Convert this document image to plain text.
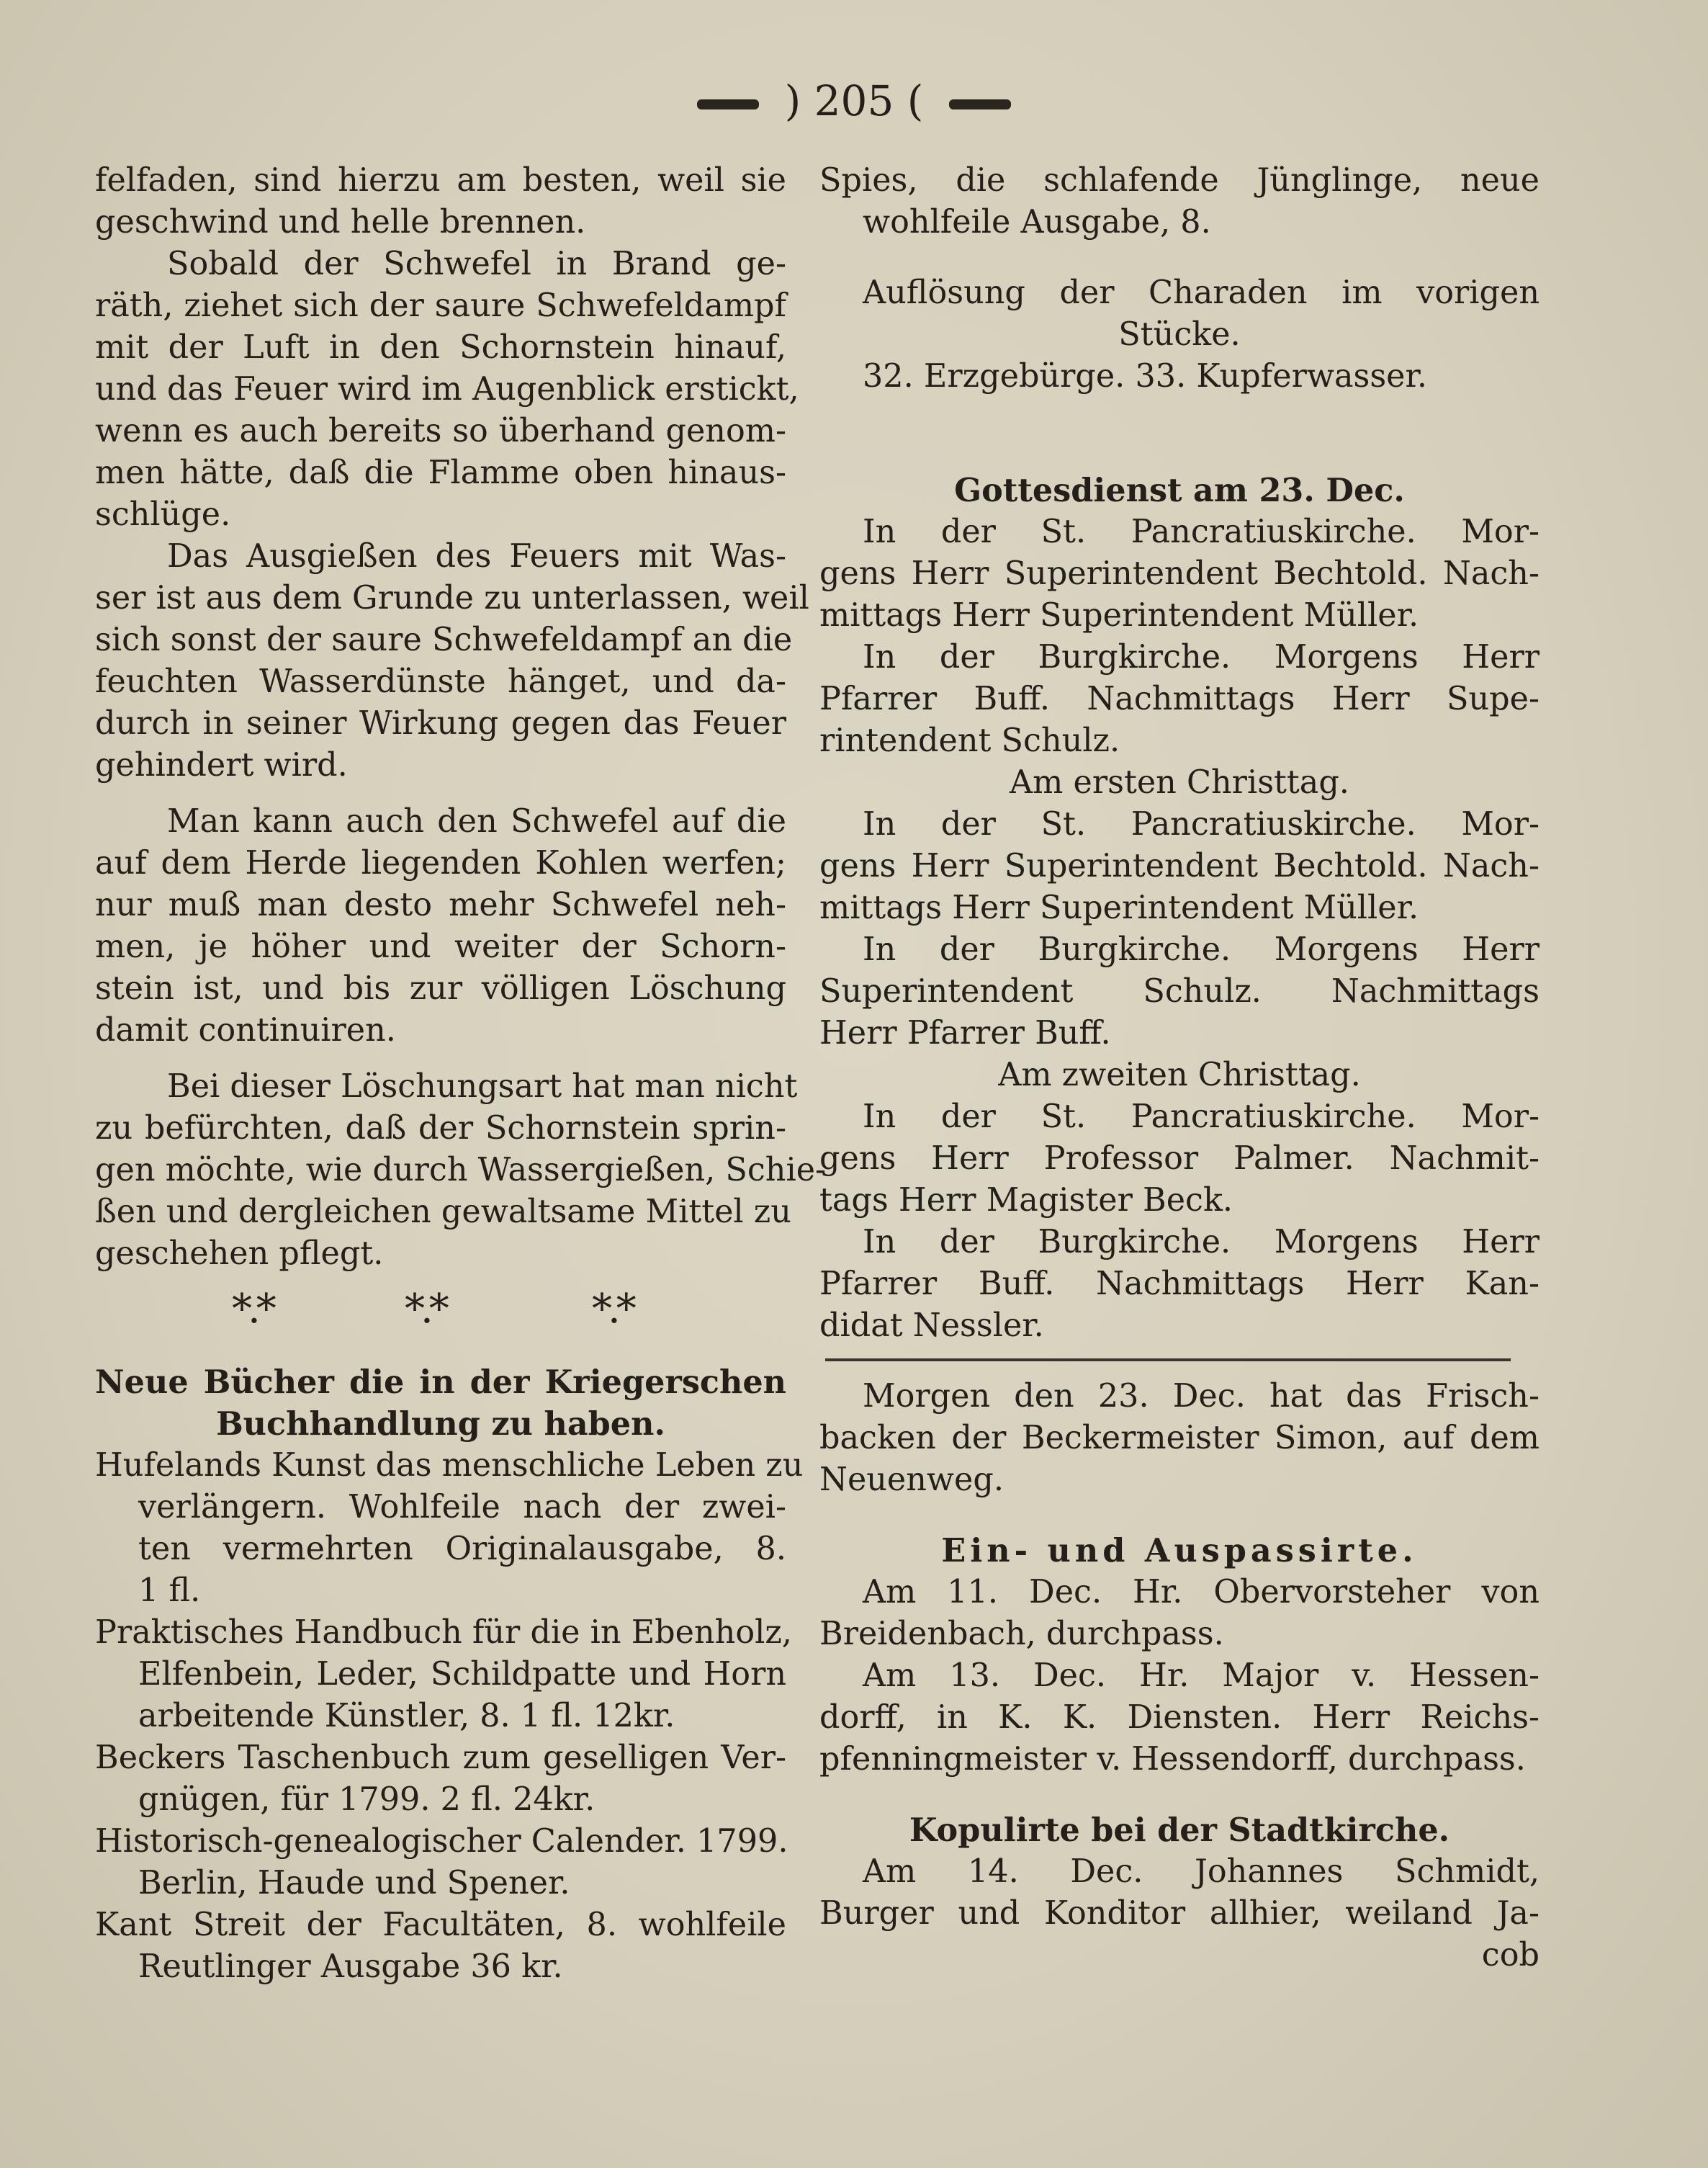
) 205 (
felfaden, sind hierzu am besten, weil sie
geschwind und helle brennen.
Sobald der Schwefel in Brand ge-
räth, ziehet sich der saure Schwefeldampf
mit der Luft in den Schornstein hinauf,
und das Feuer wird im Augenblick erstickt,
wenn es auch bereits so überhand genom-
men hätte, daß die Flamme oben hinaus-
schlüge.
Das Ausgießen des Feuers mit Was-
ser ist aus dem Grunde zu unterlassen, weil
sich sonst der saure Schwefeldampf an die
feuchten Wasserdünste hänget, und da-
durch in seiner Wirkung gegen das Feuer
gehindert wird.
Man kann auch den Schwefel auf die
auf dem Herde liegenden Kohlen werfen;
nur muß man desto mehr Schwefel neh-
men, je höher und weiter der Schorn-
stein ist, und bis zur völligen Löschung
damit continuiren.
Bei dieser Löschungsart hat man nicht
zu befürchten, daß der Schornstein sprin-
gen möchte, wie durch Wassergießen, Schie-
ßen und dergleichen gewaltsame Mittel zu
geschehen pflegt.
*.*	*.*	*.*
Neue Bücher die in der Kriegerschen
Buchhandlung zu haben.
Hufelands Kunst das menschliche Leben zu
verlängern. Wohlfeile nach der zwei-
ten vermehrten Originalausgabe, 8.
1 fl.
Praktisches Handbuch für die in Ebenholz,
Elfenbein, Leder, Schildpatte und Horn
arbeitende Künstler, 8. 1 fl. 12kr.
Beckers Taschenbuch zum geselligen Ver-
gnügen, für 1799. 2 fl. 24kr.
Historisch-genealogischer Calender. 1799.
Berlin, Haude und Spener.
Kant Streit der Facultäten, 8. wohlfeile
Reutlinger Ausgabe 36 kr.
Spies, die schlafende Jünglinge, neue
wohlfeile Ausgabe, 8.
Auflösung der Charaden im vorigen
Stücke.
32. Erzgebürge. 33. Kupferwasser.
Gottesdienst am 23. Dec.
In der St. Pancratiuskirche. Mor-
gens Herr Superintendent Bechtold. Nach-
mittags Herr Superintendent Müller.
In der Burgkirche. Morgens Herr
Pfarrer Buff. Nachmittags Herr Supe-
rintendent Schulz.
Am ersten Christtag.
In der St. Pancratiuskirche. Mor-
gens Herr Superintendent Bechtold. Nach-
mittags Herr Superintendent Müller.
In der Burgkirche. Morgens Herr
Superintendent Schulz. Nachmittags
Herr Pfarrer Buff.
Am zweiten Christtag.
In der St. Pancratiuskirche. Mor-
gens Herr Professor Palmer. Nachmit-
tags Herr Magister Beck.
In der Burgkirche. Morgens Herr
Pfarrer Buff. Nachmittags Herr Kan-
didat Nessler.
Morgen den 23. Dec. hat das Frisch-
backen der Beckermeister Simon, auf dem
Neuenweg.
Ein- und Auspassirte.
Am 11. Dec. Hr. Obervorsteher von
Breidenbach, durchpass.
Am 13. Dec. Hr. Major v. Hessen-
dorff, in K. K. Diensten. Herr Reichs-
pfenningmeister v. Hessendorff, durchpass.
Kopulirte bei der Stadtkirche.
Am 14. Dec. Johannes Schmidt,
Burger und Konditor allhier, weiland Ja-
cob
